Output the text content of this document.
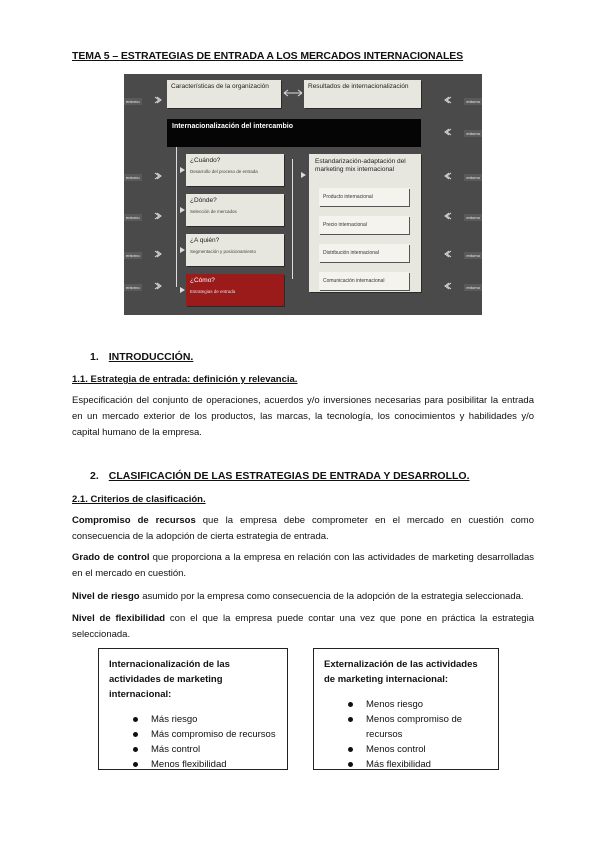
TEMA 5 – ESTRATEGIAS DE ENTRADA A LOS MERCADOS INTERNACIONALES
entorno
entorno
entorno
entorno
entorno
entorno
entorno
entorno
entorno
entorno
entorno
Características de la organización	Resultados de internacionalización
Internacionalización del intercambio
¿Cuándo?
Desarrollo del proceso de entrada
¿Dónde?
Selección de mercados
¿A quién?
Segmentación y posicionamiento
¿Cómo?
Estrategias de entrada
Estandarización-adaptación del marketing mix internacional
Producto internacional
Precio internacional
Distribución internacional
Comunicación internacional
1. INTRODUCCIÓN.
1.1. Estrategia de entrada: definición y relevancia.
Especificación del conjunto de operaciones, acuerdos y/o inversiones necesarias para posibilitar la entrada en un mercado exterior de los productos, las marcas, la tecnología, los conocimientos y habilidades y/o capital humano de la empresa.
2. CLASIFICACIÓN DE LAS ESTRATEGIAS DE ENTRADA Y DESARROLLO.
2.1. Criterios de clasificación.
Compromiso de recursos que la empresa debe comprometer en el mercado en cuestión como consecuencia de la adopción de cierta estrategia de entrada.
Grado de control que proporciona a la empresa en relación con las actividades de marketing desarrolladas en el mercado en cuestión.
Nivel de riesgo asumido por la empresa como consecuencia de la adopción de la estrategia seleccionada.
Nivel de flexibilidad con el que la empresa puede contar una vez que pone en práctica la estrategia seleccionada.
Internacionalización de las actividades de marketing internacional:
Más riesgo
Más compromiso de recursos
Más control
Menos flexibilidad
Externalización de las actividades de marketing internacional:
Menos riesgo
Menos compromiso de recursos
Menos control
Más flexibilidad
